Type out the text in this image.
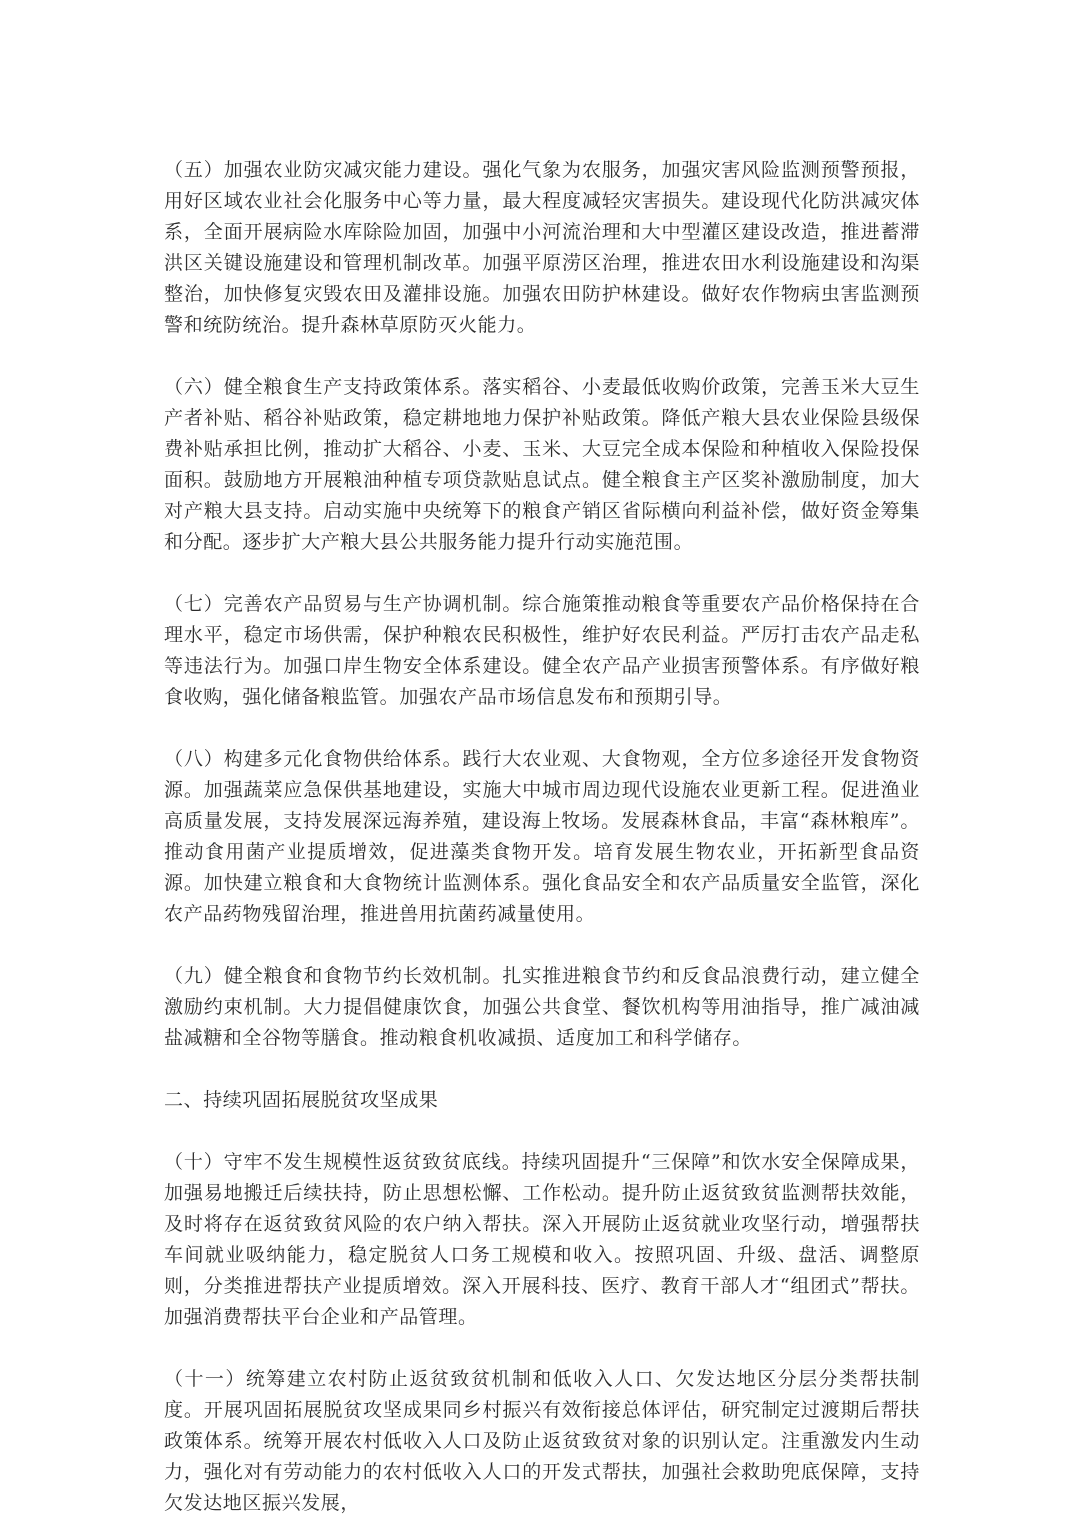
（五）加强农业防灾减灾能力建设。强化气象为农服务，加强灾害风险监测预警预报，用好区域农业社会化服务中心等力量，最大程度减轻灾害损失。建设现代化防洪减灾体系，全面开展病险水库除险加固，加强中小河流治理和大中型灌区建设改造，推进蓄滞洪区关键设施建设和管理机制改革。加强平原涝区治理，推进农田水利设施建设和沟渠整治，加快修复灾毁农田及灌排设施。加强农田防护林建设。做好农作物病虫害监测预警和统防统治。提升森林草原防灭火能力。

（六）健全粮食生产支持政策体系。落实稻谷、小麦最低收购价政策，完善玉米大豆生产者补贴、稻谷补贴政策，稳定耕地地力保护补贴政策。降低产粮大县农业保险县级保费补贴承担比例，推动扩大稻谷、小麦、玉米、大豆完全成本保险和种植收入保险投保面积。鼓励地方开展粮油种植专项贷款贴息试点。健全粮食主产区奖补激励制度，加大对产粮大县支持。启动实施中央统筹下的粮食产销区省际横向利益补偿，做好资金筹集和分配。逐步扩大产粮大县公共服务能力提升行动实施范围。

（七）完善农产品贸易与生产协调机制。综合施策推动粮食等重要农产品价格保持在合理水平，稳定市场供需，保护种粮农民积极性，维护好农民利益。严厉打击农产品走私等违法行为。加强口岸生物安全体系建设。健全农产品产业损害预警体系。有序做好粮食收购，强化储备粮监管。加强农产品市场信息发布和预期引导。

（八）构建多元化食物供给体系。践行大农业观、大食物观，全方位多途径开发食物资源。加强蔬菜应急保供基地建设，实施大中城市周边现代设施农业更新工程。促进渔业高质量发展，支持发展深远海养殖，建设海上牧场。发展森林食品，丰富“森林粮库”。推动食用菌产业提质增效，促进藻类食物开发。培育发展生物农业，开拓新型食品资源。加快建立粮食和大食物统计监测体系。强化食品安全和农产品质量安全监管，深化农产品药物残留治理，推进兽用抗菌药减量使用。

（九）健全粮食和食物节约长效机制。扎实推进粮食节约和反食品浪费行动，建立健全激励约束机制。大力提倡健康饮食，加强公共食堂、餐饮机构等用油指导，推广减油减盐减糖和全谷物等膳食。推动粮食机收减损、适度加工和科学储存。

二、持续巩固拓展脱贫攻坚成果

（十）守牢不发生规模性返贫致贫底线。持续巩固提升“三保障”和饮水安全保障成果，加强易地搬迁后续扶持，防止思想松懈、工作松动。提升防止返贫致贫监测帮扶效能，及时将存在返贫致贫风险的农户纳入帮扶。深入开展防止返贫就业攻坚行动，增强帮扶车间就业吸纳能力，稳定脱贫人口务工规模和收入。按照巩固、升级、盘活、调整原则，分类推进帮扶产业提质增效。深入开展科技、医疗、教育干部人才“组团式”帮扶。加强消费帮扶平台企业和产品管理。

（十一）统筹建立农村防止返贫致贫机制和低收入人口、欠发达地区分层分类帮扶制度。开展巩固拓展脱贫攻坚成果同乡村振兴有效衔接总体评估，研究制定过渡期后帮扶政策体系。统筹开展农村低收入人口及防止返贫致贫对象的识别认定。注重激发内生动力，强化对有劳动能力的农村低收入人口的开发式帮扶，加强社会救助兜底保障，支持欠发达地区振兴发展，
